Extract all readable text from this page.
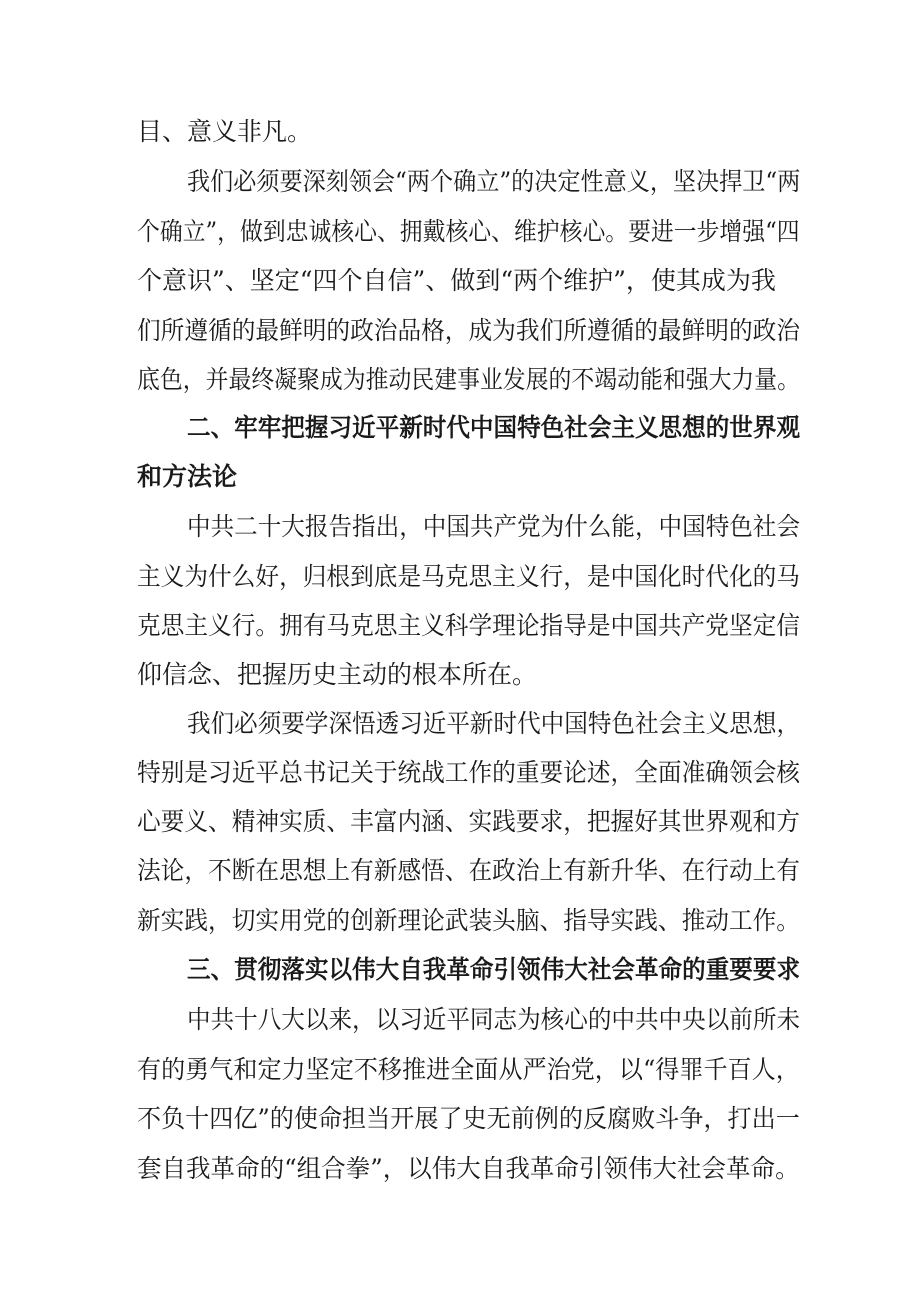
目、意义非凡。
我们必须要深刻领会“两个确立”的决定性意义，坚决捍卫“两
个确立”，做到忠诚核心、拥戴核心、维护核心。要进一步增强“四
个意识”、坚定“四个自信”、做到“两个维护”，使其成为我
们所遵循的最鲜明的政治品格，成为我们所遵循的最鲜明的政治
底色，并最终凝聚成为推动民建事业发展的不竭动能和强大力量。
二、牢牢把握习近平新时代中国特色社会主义思想的世界观
和方法论
中共二十大报告指出，中国共产党为什么能，中国特色社会
主义为什么好，归根到底是马克思主义行，是中国化时代化的马
克思主义行。拥有马克思主义科学理论指导是中国共产党坚定信
仰信念、把握历史主动的根本所在。
我们必须要学深悟透习近平新时代中国特色社会主义思想，
特别是习近平总书记关于统战工作的重要论述，全面准确领会核
心要义、精神实质、丰富内涵、实践要求，把握好其世界观和方
法论，不断在思想上有新感悟、在政治上有新升华、在行动上有
新实践，切实用党的创新理论武装头脑、指导实践、推动工作。
三、贯彻落实以伟大自我革命引领伟大社会革命的重要要求
中共十八大以来，以习近平同志为核心的中共中央以前所未
有的勇气和定力坚定不移推进全面从严治党，以“得罪千百人，
不负十四亿”的使命担当开展了史无前例的反腐败斗争，打出一
套自我革命的“组合拳”，以伟大自我革命引领伟大社会革命。
